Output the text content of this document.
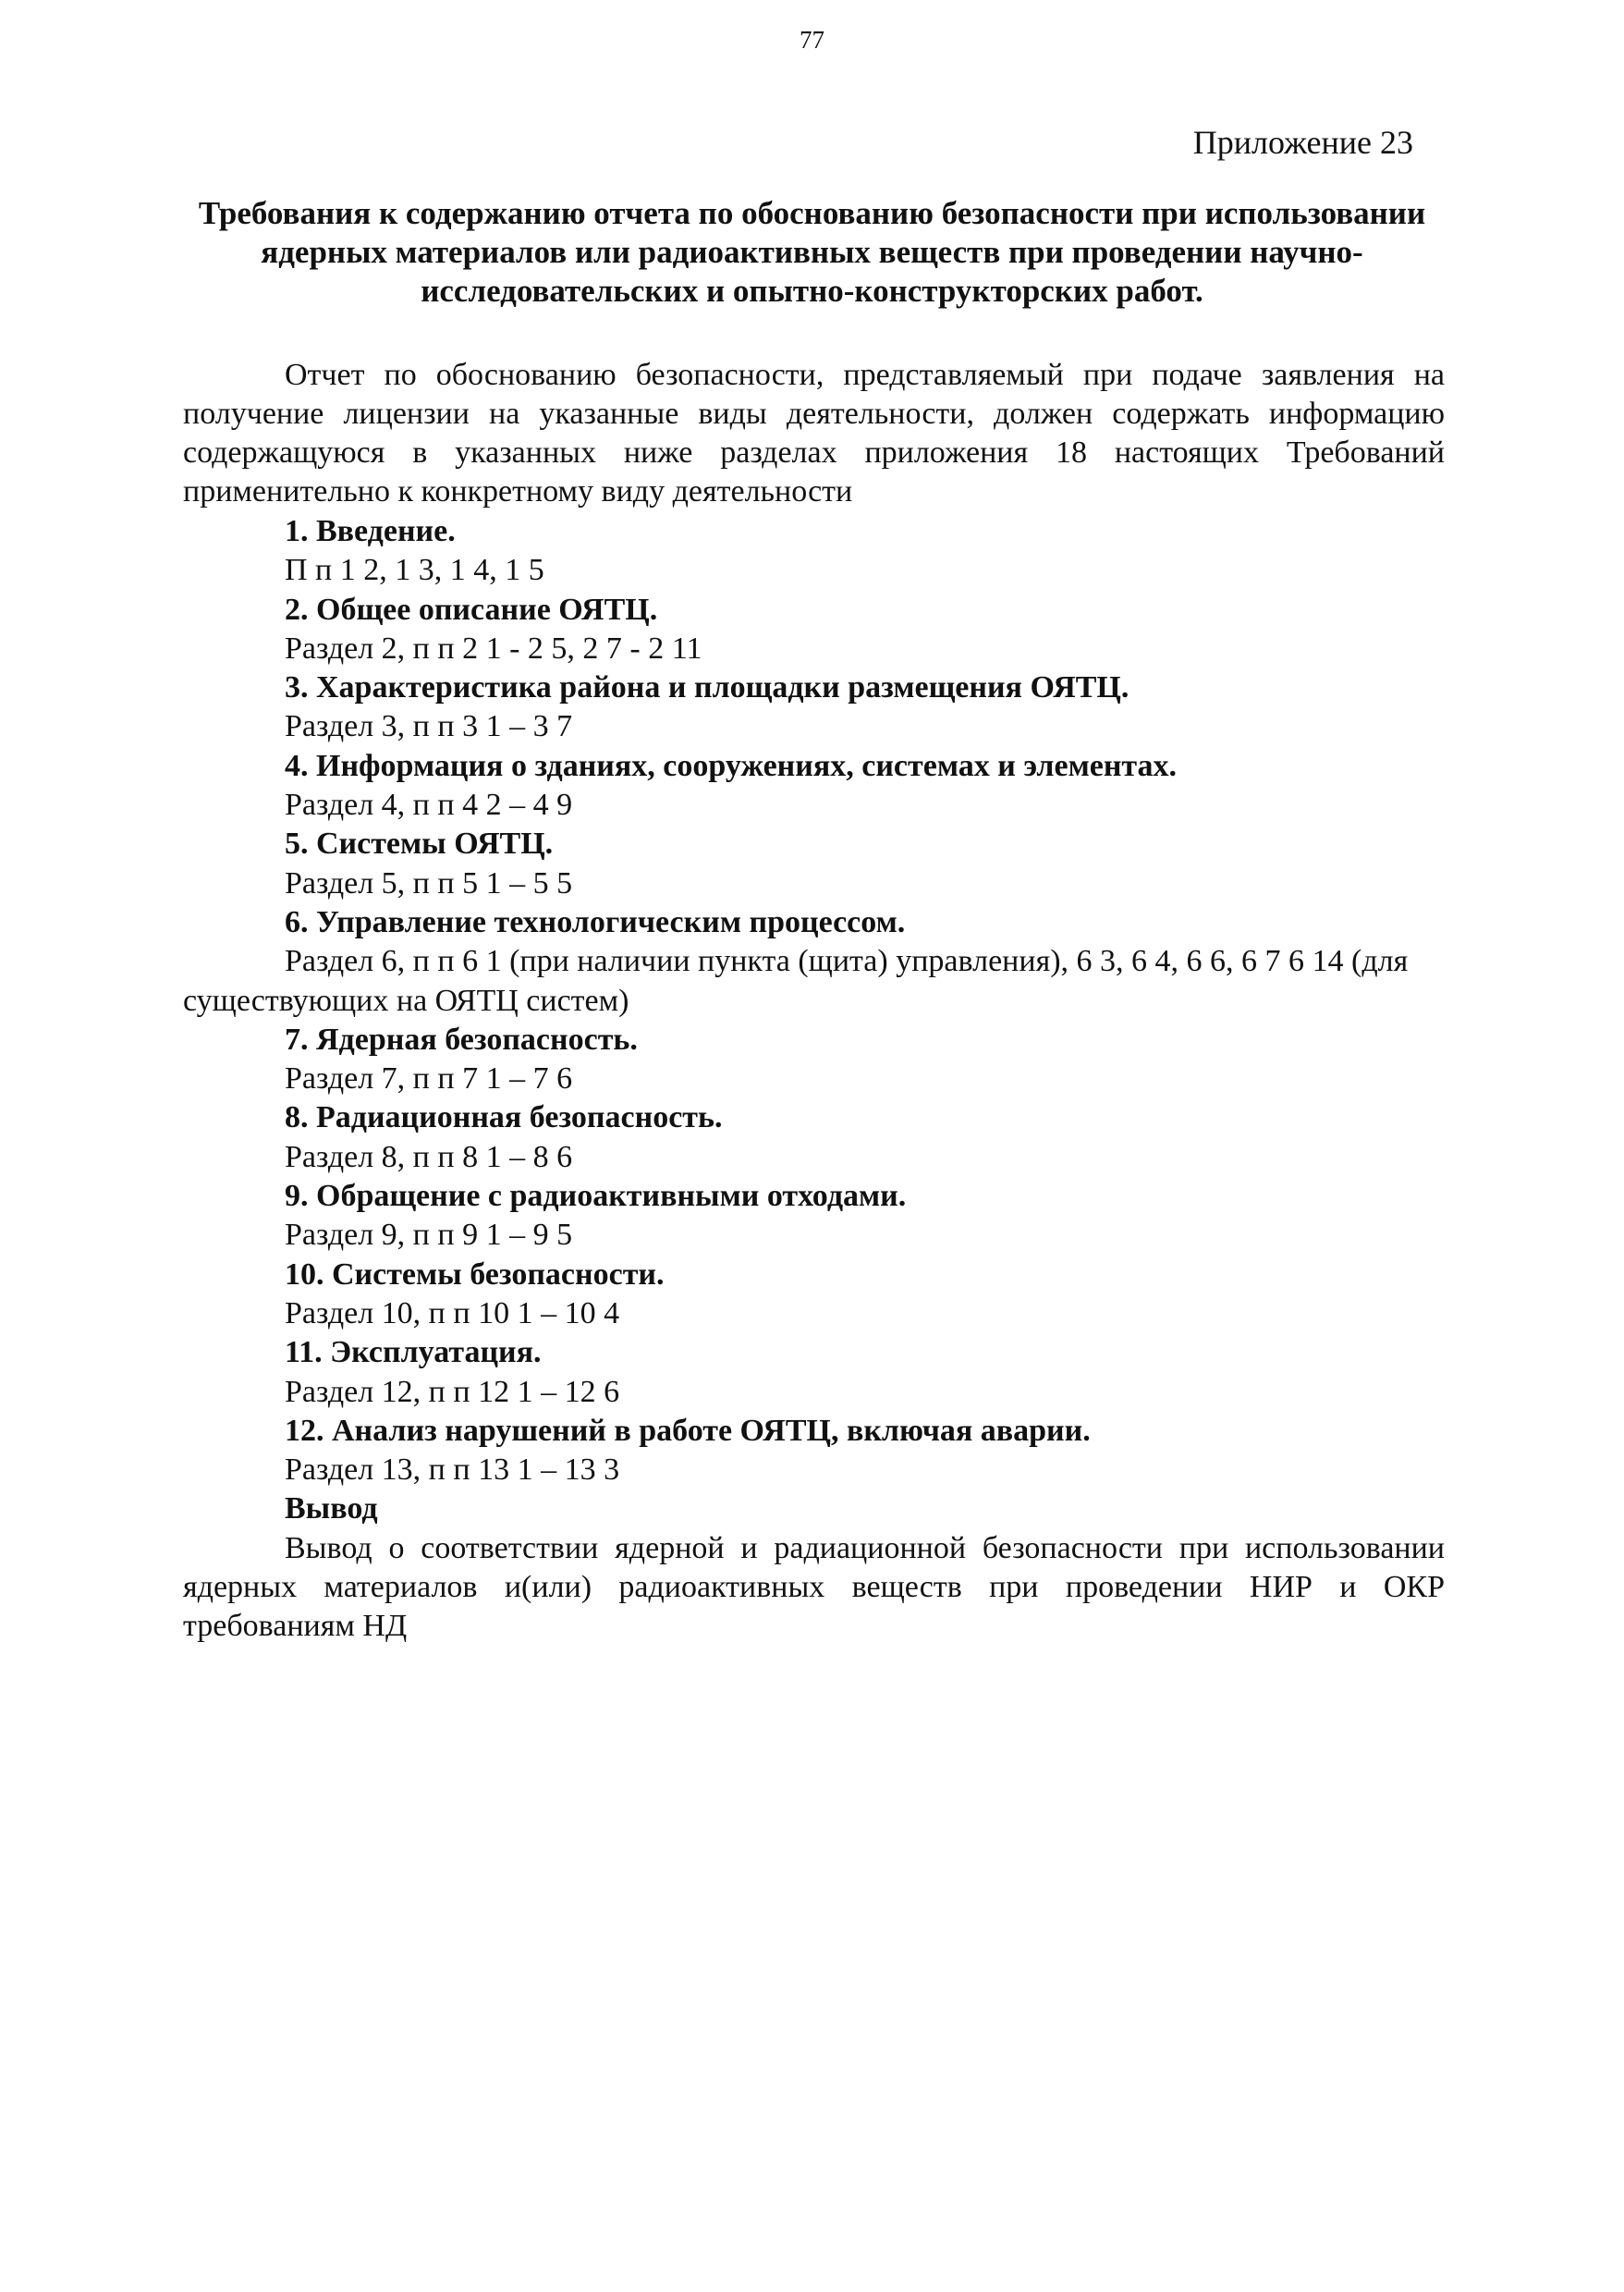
77
Приложение 23

Требования к содержанию отчета по обоснованию безопасности при использовании ядерных материалов или радиоактивных веществ при проведении научно-исследовательских и опытно-конструкторских работ.

Отчет по обоснованию безопасности, представляемый при подаче заявления на получение лицензии на указанные виды деятельности, должен содержать информацию содержащуюся в указанных ниже разделах приложения 18 настоящих Требований применительно к конкретному виду деятельности

1. Введение.
П п 1 2, 1 3, 1 4, 1 5
2. Общее описание ОЯТЦ.
Раздел 2, п п 2 1 - 2 5, 2 7 - 2 11
3. Характеристика района и площадки размещения ОЯТЦ.
Раздел 3, п п 3 1 – 3 7
4. Информация о зданиях, сооружениях, системах и элементах.
Раздел 4, п п 4 2 – 4 9
5. Системы ОЯТЦ.
Раздел 5, п п 5 1 – 5 5
6. Управление технологическим процессом.
Раздел 6, п п 6 1 (при наличии пункта (щита) управления), 6 3, 6 4, 6 6, 6 7 6 14 (для существующих на ОЯТЦ систем)
7. Ядерная безопасность.
Раздел 7, п п 7 1 – 7 6
8. Радиационная безопасность.
Раздел 8, п п 8 1 – 8 6
9. Обращение с радиоактивными отходами.
Раздел 9, п п 9 1 – 9 5
10. Системы безопасности.
Раздел 10, п п 10 1 – 10 4
11. Эксплуатация.
Раздел 12, п п 12 1 – 12 6
12. Анализ нарушений в работе ОЯТЦ, включая аварии.
Раздел 13, п п 13 1 – 13 3
Вывод
Вывод о соответствии ядерной и радиационной безопасности при использовании ядерных материалов и(или) радиоактивных веществ при проведении НИР и ОКР требованиям НД
